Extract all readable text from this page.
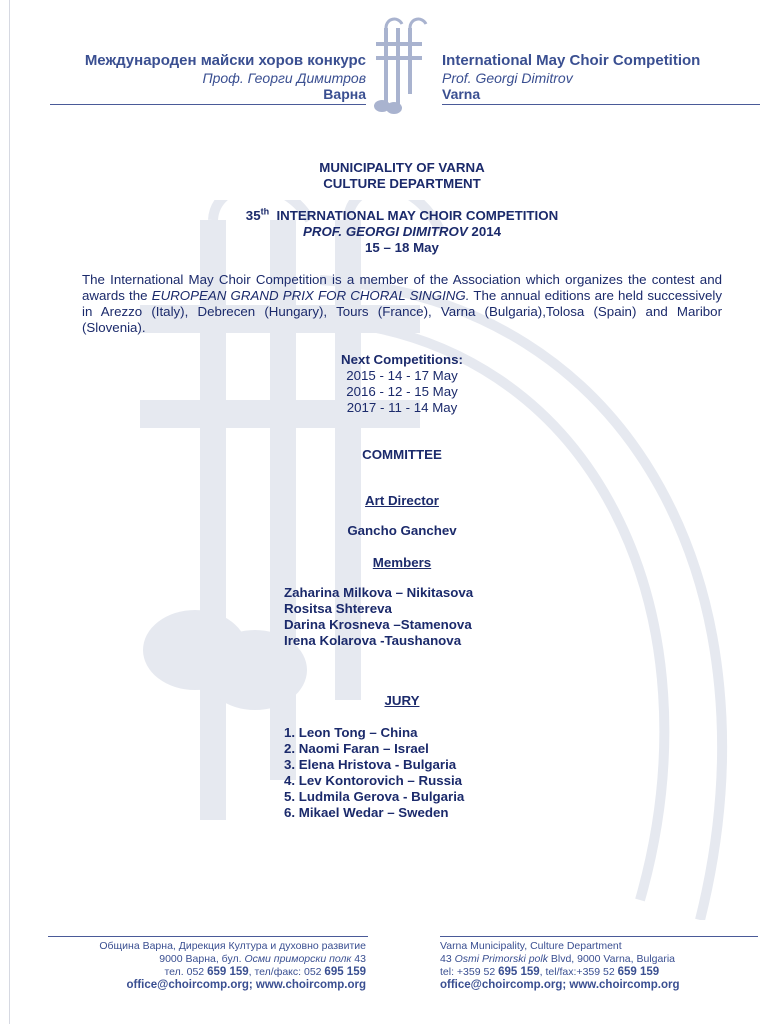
Международен майски хоров конкурс
Проф. Георги Димитров
Варна
International May Choir Competition
Prof. Georgi Dimitrov
Varna
MUNICIPALITY OF VARNA
CULTURE DEPARTMENT
35th INTERNATIONAL MAY CHOIR COMPETITION
PROF. GEORGI DIMITROV 2014
15 – 18 May
The International May Choir Competition is a member of the Association which organizes the contest and awards the EUROPEAN GRAND PRIX FOR CHORAL SINGING. The annual editions are held successively in Arezzo (Italy), Debrecen (Hungary), Tours (France), Varna (Bulgaria),Tolosa (Spain) and Maribor (Slovenia).
Next Competitions:
2015 - 14 - 17 May
2016 - 12 - 15 May
2017 - 11 - 14 May
COMMITTEE
Art Director
Gancho Ganchev
Members
Zaharina Milkova – Nikitasova
Rositsa Shtereva
Darina Krosneva –Stamenova
Irena Kolarova -Taushanova
JURY
1. Leon Tong – China
2. Naomi Faran – Israel
3. Elena Hristova - Bulgaria
4. Lev Kontorovich – Russia
5. Ludmila Gerova - Bulgaria
6. Mikael Wedar – Sweden
Община Варна, Дирекция Култура и духовно развитие
9000 Варна, бул. Осми приморски полк 43
тел. 052 659 159, тел/факс: 052 695 159
office@choircomp.org; www.choircomp.org
Varna Municipality, Culture Department
43 Osmi Primorski polk Blvd, 9000 Varna, Bulgaria
tel: +359 52 695 159, tel/fax:+359 52 659 159
office@choircomp.org; www.choircomp.org
